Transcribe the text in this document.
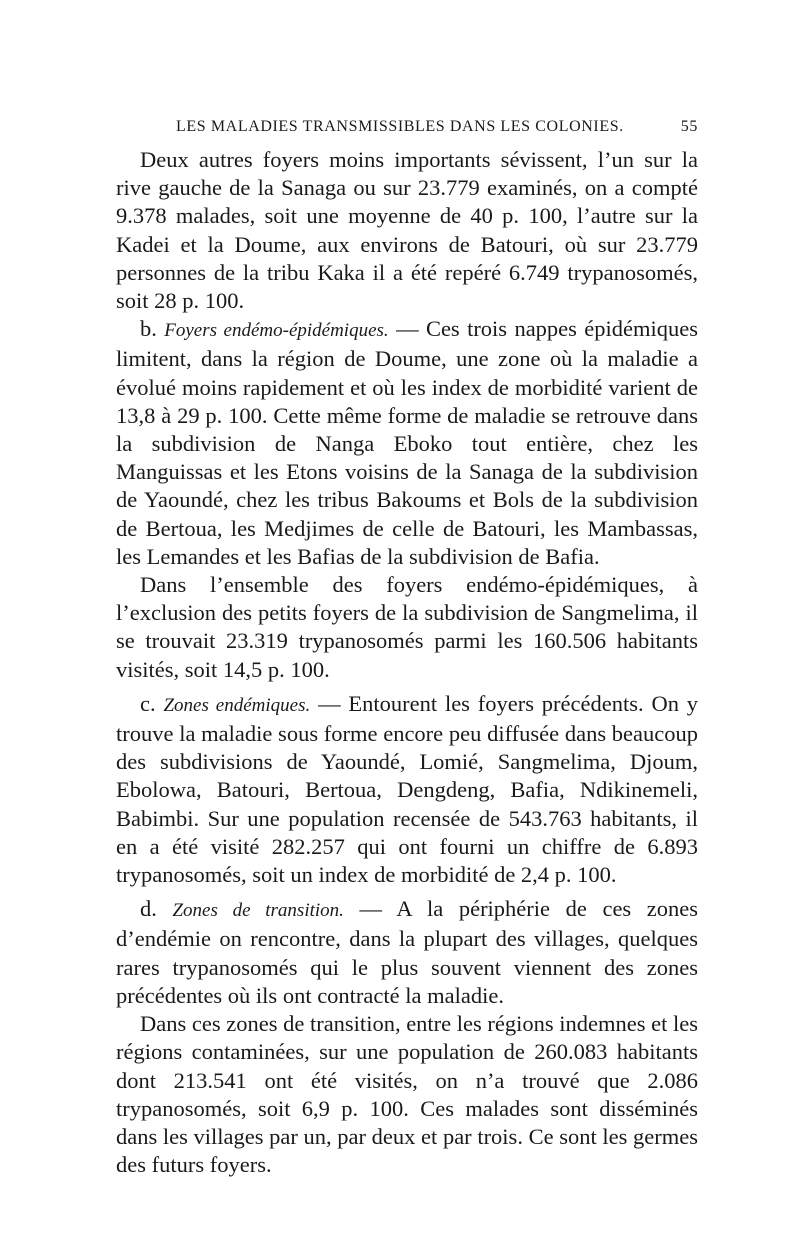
LES MALADIES TRANSMISSIBLES DANS LES COLONIES.	55

Deux autres foyers moins importants sévissent, l’un sur la rive gauche de la Sanaga ou sur 23.779 examinés, on a compté 9.378 malades, soit une moyenne de 40 p. 100, l’autre sur la Kadei et la Doume, aux environs de Batouri, où sur 23.779 personnes de la tribu Kaka il a été repéré 6.749 trypanosomés, soit 28 p. 100.

b. Foyers endémo-épidémiques. — Ces trois nappes épidémiques limitent, dans la région de Doume, une zone où la maladie a évolué moins rapidement et où les index de morbidité varient de 13,8 à 29 p. 100. Cette même forme de maladie se retrouve dans la subdivision de Nanga Eboko tout entière, chez les Manguissas et les Etons voisins de la Sanaga de la subdivision de Yaoundé, chez les tribus Bakoums et Bols de la subdivision de Bertoua, les Medjimes de celle de Batouri, les Mambassas, les Lemandes et les Bafias de la subdivision de Bafia.

Dans l’ensemble des foyers endémo-épidémiques, à l’exclusion des petits foyers de la subdivision de Sangmelima, il se trouvait 23.319 trypanosomés parmi les 160.506 habitants visités, soit 14,5 p. 100.

c. Zones endémiques. — Entourent les foyers précédents. On y trouve la maladie sous forme encore peu diffusée dans beaucoup des subdivisions de Yaoundé, Lomié, Sangmelima, Djoum, Ebolowa, Batouri, Bertoua, Dengdeng, Bafia, Ndikinemeli, Babimbi. Sur une population recensée de 543.763 habitants, il en a été visité 282.257 qui ont fourni un chiffre de 6.893 trypanosomés, soit un index de morbidité de 2,4 p. 100.

d. Zones de transition. — A la périphérie de ces zones d’endémie on rencontre, dans la plupart des villages, quelques rares trypanosomés qui le plus souvent viennent des zones précédentes où ils ont contracté la maladie.

Dans ces zones de transition, entre les régions indemnes et les régions contaminées, sur une population de 260.083 habitants dont 213.541 ont été visités, on n’a trouvé que 2.086 trypanosomés, soit 6,9 p. 100. Ces malades sont disséminés dans les villages par un, par deux et par trois. Ce sont les germes des futurs foyers.
